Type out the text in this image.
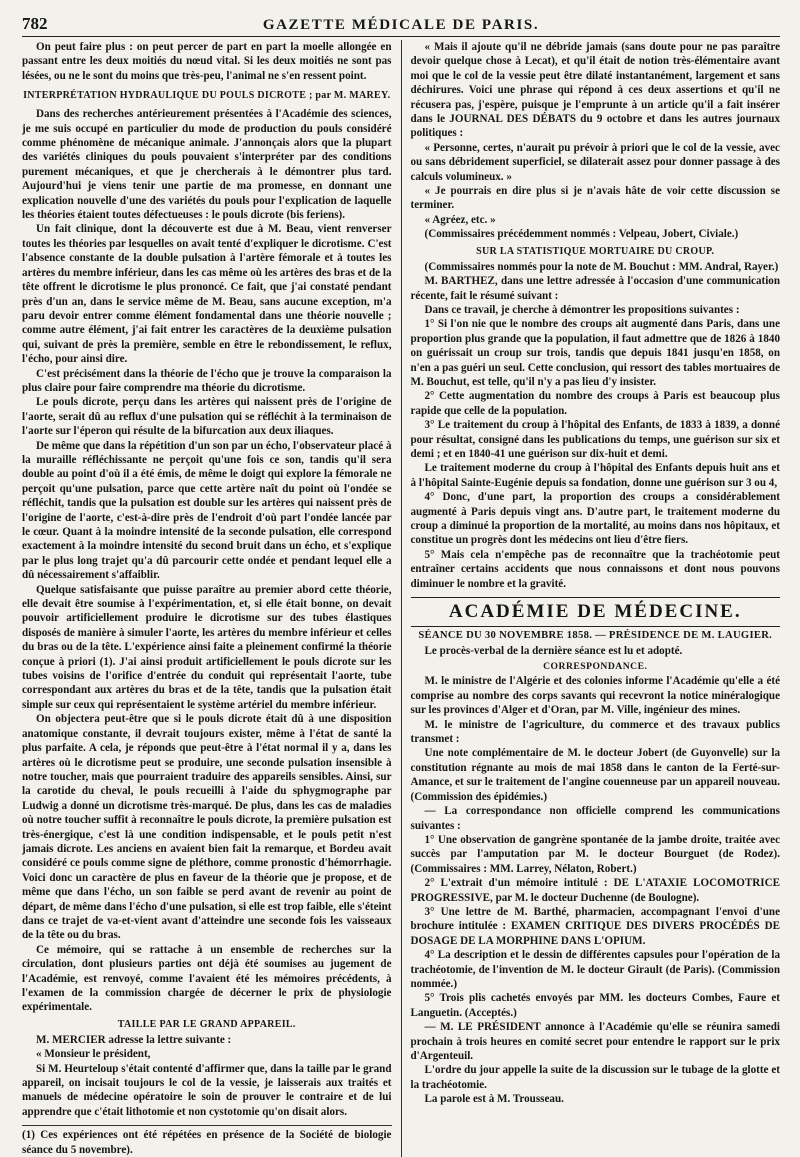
782	GAZETTE MÉDICALE DE PARIS.

On peut faire plus : on peut percer de part en part la moelle allongée en passant entre les deux moitiés du nœud vital. Si les deux moitiés ne sont pas lésées, ou ne le sont du moins que très-peu, l'animal ne s'en ressent point.

INTERPRÉTATION HYDRAULIQUE DU POULS DICROTE ; par M. MAREY.

Dans des recherches antérieurement présentées à l'Académie des sciences, je me suis occupé en particulier du mode de production du pouls considéré comme phénomène de mécanique animale. J'annonçais alors que la plupart des variétés cliniques du pouls pouvaient s'interpréter par des conditions purement mécaniques, et que je chercherais à le démontrer plus tard. Aujourd'hui je viens tenir une partie de ma promesse, en donnant une explication nouvelle d'une des variétés du pouls pour l'explication de laquelle les théories étaient toutes défectueuses : le pouls dicrote (bis feriens).

Un fait clinique, dont la découverte est due à M. Beau, vient renverser toutes les théories par lesquelles on avait tenté d'expliquer le dicrotisme. C'est l'absence constante de la double pulsation à l'artère fémorale et à toutes les artères du membre inférieur, dans les cas même où les artères des bras et de la tête offrent le dicrotisme le plus prononcé. Ce fait, que j'ai constaté pendant près d'un an, dans le service même de M. Beau, sans aucune exception, m'a paru devoir entrer comme élément fondamental dans une théorie nouvelle ; comme autre élément, j'ai fait entrer les caractères de la deuxième pulsation qui, suivant de près la première, semble en être le rebondissement, le reflux, l'écho, pour ainsi dire.

C'est précisément dans la théorie de l'écho que je trouve la comparaison la plus claire pour faire comprendre ma théorie du dicrotisme.

Le pouls dicrote, perçu dans les artères qui naissent près de l'origine de l'aorte, serait dû au reflux d'une pulsation qui se réfléchit à la terminaison de l'aorte sur l'éperon qui résulte de la bifurcation aux deux iliaques.

De même que dans la répétition d'un son par un écho, l'observateur placé à la muraille réfléchissante ne perçoit qu'une fois ce son, tandis qu'il sera double au point d'où il a été émis, de même le doigt qui explore la fémorale ne perçoit qu'une pulsation, parce que cette artère naît du point où l'ondée se réfléchit, tandis que la pulsation est double sur les artères qui naissent près de l'origine de l'aorte, c'est-à-dire près de l'endroit d'où part l'ondée lancée par le cœur. Quant à la moindre intensité de la seconde pulsation, elle correspond exactement à la moindre intensité du second bruit dans un écho, et s'explique par le plus long trajet qu'a dû parcourir cette ondée et pendant lequel elle a dû nécessairement s'affaiblir.

Quelque satisfaisante que puisse paraître au premier abord cette théorie, elle devait être soumise à l'expérimentation, et, si elle était bonne, on devait pouvoir artificiellement produire le dicrotisme sur des tubes élastiques disposés de manière à simuler l'aorte, les artères du membre inférieur et celles du bras ou de la tête. L'expérience ainsi faite a pleinement confirmé la théorie conçue à priori (1). J'ai ainsi produit artificiellement le pouls dicrote sur les tubes voisins de l'orifice d'entrée du conduit qui représentait l'aorte, tube correspondant aux artères du bras et de la tête, tandis que la pulsation était simple sur ceux qui représentaient le système artériel du membre inférieur.

On objectera peut-être que si le pouls dicrote était dû à une disposition anatomique constante, il devrait toujours exister, même à l'état de santé la plus parfaite. A cela, je réponds que peut-être à l'état normal il y a, dans les artères où le dicrotisme peut se produire, une seconde pulsation insensible à notre toucher, mais que pourraient traduire des appareils sensibles. Ainsi, sur la carotide du cheval, le pouls recueilli à l'aide du sphygmographe par Ludwig a donné un dicrotisme très-marqué. De plus, dans les cas de maladies où notre toucher suffit à reconnaître le pouls dicrote, la première pulsation est très-énergique, c'est là une condition indispensable, et le pouls petit n'est jamais dicrote. Les anciens en avaient bien fait la remarque, et Bordeu avait considéré ce pouls comme signe de pléthore, comme pronostic d'hémorrhagie. Voici donc un caractère de plus en faveur de la théorie que je propose, et de même que dans l'écho, un son faible se perd avant de revenir au point de départ, de même dans l'écho d'une pulsation, si elle est trop faible, elle s'éteint dans ce trajet de va-et-vient avant d'atteindre une seconde fois les vaisseaux de la tête ou du bras.

Ce mémoire, qui se rattache à un ensemble de recherches sur la circulation, dont plusieurs parties ont déjà été soumises au jugement de l'Académie, est renvoyé, comme l'avaient été les mémoires précédents, à l'examen de la commission chargée de décerner le prix de physiologie expérimentale.

TAILLE PAR LE GRAND APPAREIL.

M. MERCIER adresse la lettre suivante :

« Monsieur le président,

Si M. Heurteloup s'était contenté d'affirmer que, dans la taille par le grand appareil, on incisait toujours le col de la vessie, je laisserais aux traités et manuels de médecine opératoire le soin de prouver le contraire et de lui apprendre que c'était lithotomie et non cystotomie qu'on disait alors.

(1) Ces expériences ont été répétées en présence de la Société de biologie séance du 5 novembre).

« Mais il ajoute qu'il ne débride jamais (sans doute pour ne pas paraître devoir quelque chose à Lecat), et qu'il était de notion très-élémentaire avant moi que le col de la vessie peut être dilaté instantanément, largement et sans déchirures. Voici une phrase qui répond à ces deux assertions et qu'il ne récusera pas, j'espère, puisque je l'emprunte à un article qu'il a fait insérer dans le JOURNAL DES DÉBATS du 9 octobre et dans les autres journaux politiques :

« Personne, certes, n'aurait pu prévoir à priori que le col de la vessie, avec ou sans débridement superficiel, se dilaterait assez pour donner passage à des calculs volumineux. »

« Je pourrais en dire plus si je n'avais hâte de voir cette discussion se terminer.

« Agréez, etc. »

(Commissaires précédemment nommés : Velpeau, Jobert, Civiale.)

SUR LA STATISTIQUE MORTUAIRE DU CROUP.

(Commissaires nommés pour la note de M. Bouchut : MM. Andral, Rayer.)

M. BARTHEZ, dans une lettre adressée à l'occasion d'une communication récente, fait le résumé suivant :

Dans ce travail, je cherche à démontrer les propositions suivantes :

1° Si l'on nie que le nombre des croups ait augmenté dans Paris, dans une proportion plus grande que la population, il faut admettre que de 1826 à 1840 on guérissait un croup sur trois, tandis que depuis 1841 jusqu'en 1858, on n'en a pas guéri un seul. Cette conclusion, qui ressort des tables mortuaires de M. Bouchut, est telle, qu'il n'y a pas lieu d'y insister.

2° Cette augmentation du nombre des croups à Paris est beaucoup plus rapide que celle de la population.

3° Le traitement du croup à l'hôpital des Enfants, de 1833 à 1839, a donné pour résultat, consigné dans les publications du temps, une guérison sur six et demi ; et en 1840-41 une guérison sur dix-huit et demi.

Le traitement moderne du croup à l'hôpital des Enfants depuis huit ans et à l'hôpital Sainte-Eugénie depuis sa fondation, donne une guérison sur 3 ou 4,

4° Donc, d'une part, la proportion des croups a considérablement augmenté à Paris depuis vingt ans. D'autre part, le traitement moderne du croup a diminué la proportion de la mortalité, au moins dans nos hôpitaux, et constitue un progrès dont les médecins ont lieu d'être fiers.

5° Mais cela n'empêche pas de reconnaître que la trachéotomie peut entraîner certains accidents que nous connaissons et dont nous pouvons diminuer le nombre et la gravité.

ACADÉMIE DE MÉDECINE.
SÉANCE DU 30 NOVEMBRE 1858. — PRÉSIDENCE DE M. LAUGIER.

Le procès-verbal de la dernière séance est lu et adopté.

CORRESPONDANCE.

M. le ministre de l'Algérie et des colonies informe l'Académie qu'elle a été comprise au nombre des corps savants qui recevront la notice minéralogique sur les provinces d'Alger et d'Oran, par M. Ville, ingénieur des mines.

M. le ministre de l'agriculture, du commerce et des travaux publics transmet :

Une note complémentaire de M. le docteur Jobert (de Guyonvelle) sur la constitution régnante au mois de mai 1858 dans le canton de la Ferté-sur-Amance, et sur le traitement de l'angine couenneuse par un appareil nouveau. (Commission des épidémies.)

— La correspondance non officielle comprend les communications suivantes :

1° Une observation de gangrène spontanée de la jambe droite, traitée avec succès par l'amputation par M. le docteur Bourguet (de Rodez). (Commissaires : MM. Larrey, Nélaton, Robert.)

2° L'extrait d'un mémoire intitulé : DE L'ATAXIE LOCOMOTRICE PROGRESSIVE, par M. le docteur Duchenne (de Boulogne).

3° Une lettre de M. Barthé, pharmacien, accompagnant l'envoi d'une brochure intitulée : EXAMEN CRITIQUE DES DIVERS PROCÉDÉS DE DOSAGE DE LA MORPHINE DANS L'OPIUM.

4° La description et le dessin de différentes capsules pour l'opération de la trachéotomie, de l'invention de M. le docteur Girault (de Paris). (Commission nommée.)

5° Trois plis cachetés envoyés par MM. les docteurs Combes, Faure et Languetin. (Acceptés.)

— M. LE PRÉSIDENT annonce à l'Académie qu'elle se réunira samedi prochain à trois heures en comité secret pour entendre le rapport sur le prix d'Argenteuil.

L'ordre du jour appelle la suite de la discussion sur le tubage de la glotte et la trachéotomie.

La parole est à M. Trousseau.
